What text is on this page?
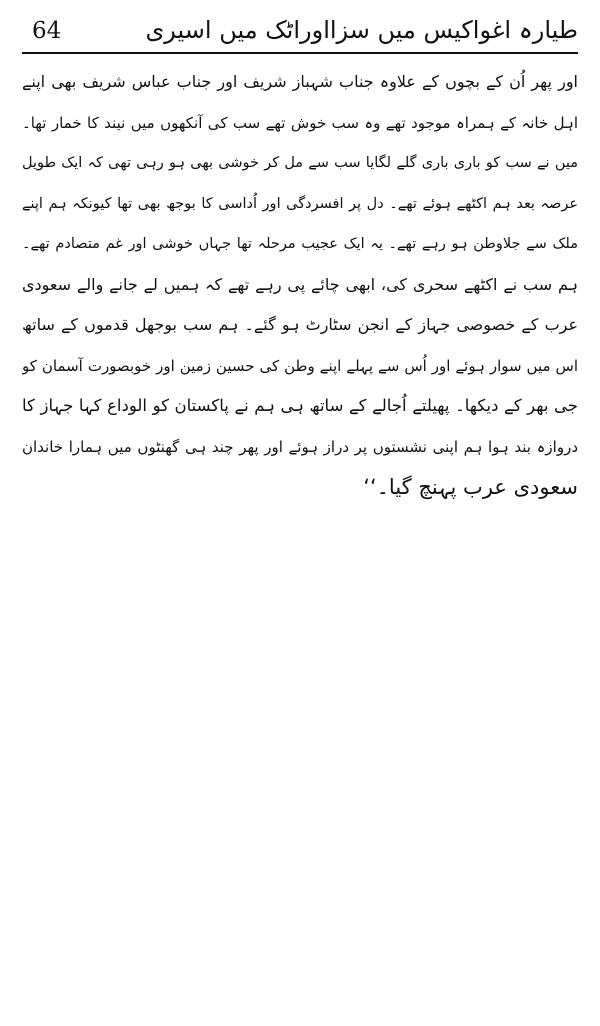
طیارہ اغواکیس میں سزااوراٹک میں اسیری
64
اور پھر اُن کے بچوں کے علاوہ جناب شہباز شریف اور جناب عباس شریف بھی اپنے
اہل خانہ کے ہمراہ موجود تھے وہ سب خوش تھے سب کی آنکھوں میں نیند کا خمار تھا۔
میں نے سب کو باری باری گلے لگایا سب سے مل کر خوشی بھی ہو رہی تھی کہ ایک طویل
عرصہ بعد ہم اکٹھے ہوئے تھے۔ دل پر افسردگی اور اُداسی کا بوجھ بھی تھا کیونکہ ہم اپنے
ملک سے جلاوطن ہو رہے تھے۔ یہ ایک عجیب مرحلہ تھا جہاں خوشی اور غم متصادم تھے۔
ہم سب نے اکٹھے سحری کی، ابھی چائے پی رہے تھے کہ ہمیں لے جانے والے سعودی
عرب کے خصوصی جہاز کے انجن سٹارٹ ہو گئے۔ ہم سب بوجھل قدموں کے ساتھ
اس میں سوار ہوئے اور اُس سے پہلے اپنے وطن کی حسین زمین اور خوبصورت آسمان کو
جی بھر کے دیکھا۔ پھیلتے اُجالے کے ساتھ ہی ہم نے پاکستان کو الوداع کہا جہاز کا
دروازہ بند ہوا ہم اپنی نشستوں پر دراز ہوئے اور پھر چند ہی گھنٹوں میں ہمارا خاندان
سعودی عرب پہنچ گیا۔‘‘
